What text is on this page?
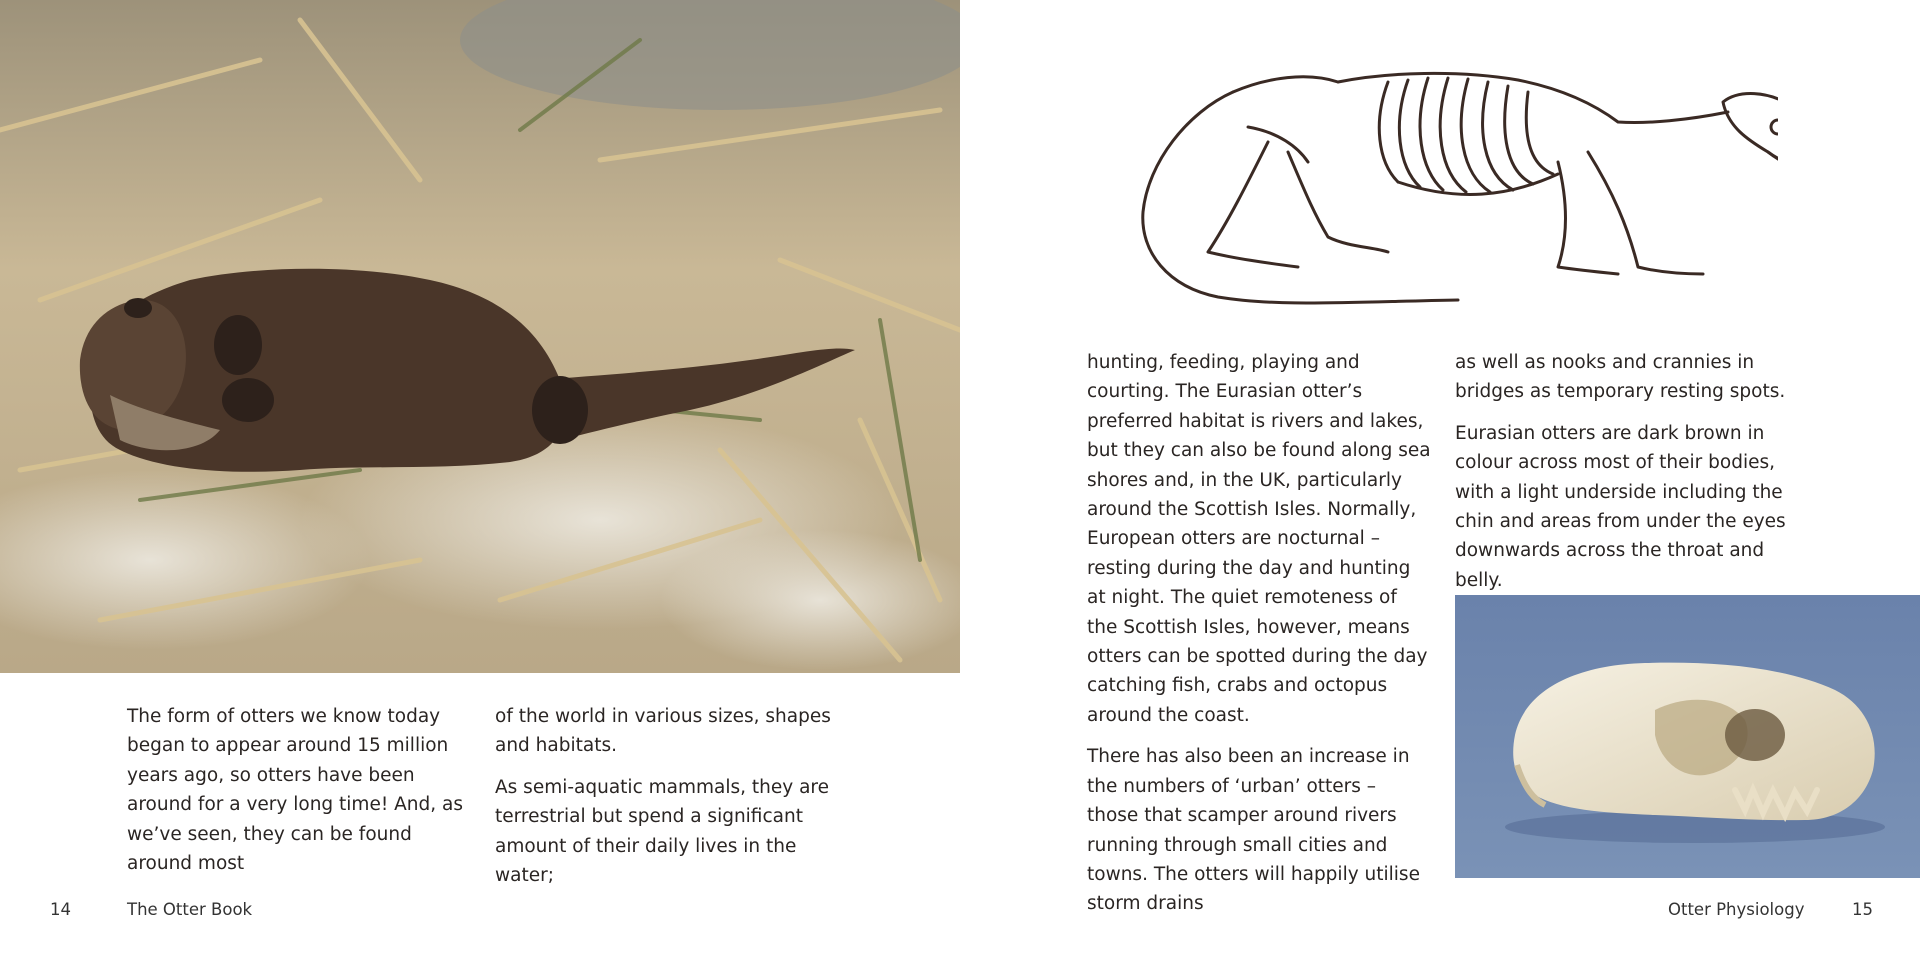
The form of otters we know today began to appear around 15 million years ago, so otters have been around for a very long time! And, as we’ve seen, they can be found around most

of the world in various sizes, shapes and habitats.

As semi-aquatic mammals, they are terrestrial but spend a significant amount of their daily lives in the water;

14	The Otter Book

hunting, feeding, playing and courting. The Eurasian otter’s preferred habitat is rivers and lakes, but they can also be found along sea shores and, in the UK, particularly around the Scottish Isles. Normally, European otters are nocturnal – resting during the day and hunting at night. The quiet remoteness of the Scottish Isles, however, means otters can be spotted during the day catching fish, crabs and octopus around the coast.

There has also been an increase in the numbers of ‘urban’ otters – those that scamper around rivers running through small cities and towns. The otters will happily utilise storm drains

as well as nooks and crannies in bridges as temporary resting spots.

Eurasian otters are dark brown in colour across most of their bodies, with a light underside including the chin and areas from under the eyes downwards across the throat and belly.

Otter Physiology	15
